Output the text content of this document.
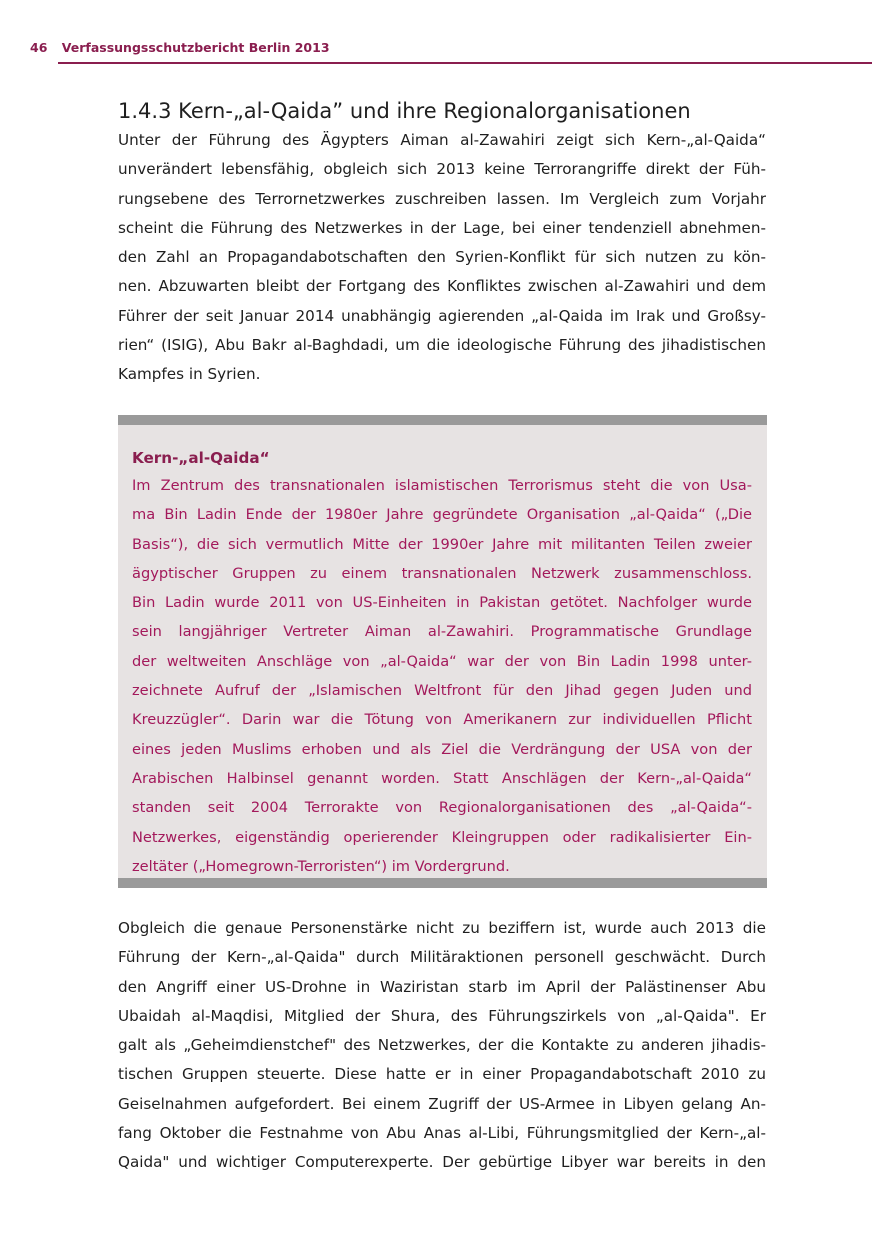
46 Verfassungsschutzbericht Berlin 2013
1.4.3 Kern-„al-Qaida” und ihre Regionalorganisationen
Unter der Führung des Ägypters Aiman al-Zawahiri zeigt sich Kern-„al-Qaida“
unverändert lebensfähig, obgleich sich 2013 keine Terrorangriffe direkt der Füh-
rungsebene des Terrornetzwerkes zuschreiben lassen. Im Vergleich zum Vorjahr
scheint die Führung des Netzwerkes in der Lage, bei einer tendenziell abnehmen-
den Zahl an Propagandabotschaften den Syrien-Konflikt für sich nutzen zu kön-
nen. Abzuwarten bleibt der Fortgang des Konfliktes zwischen al-Zawahiri und dem
Führer der seit Januar 2014 unabhängig agierenden „al-Qaida im Irak und Großsy-
rien“ (ISIG), Abu Bakr al-Baghdadi, um die ideologische Führung des jihadistischen
Kampfes in Syrien.
Kern-„al-Qaida“
Im Zentrum des transnationalen islamistischen Terrorismus steht die von Usa-
ma Bin Ladin Ende der 1980er Jahre gegründete Organisation „al-Qaida“ („Die
Basis“), die sich vermutlich Mitte der 1990er Jahre mit militanten Teilen zweier
ägyptischer Gruppen zu einem transnationalen Netzwerk zusammenschloss.
Bin Ladin wurde 2011 von US-Einheiten in Pakistan getötet. Nachfolger wurde
sein langjähriger Vertreter Aiman al-Zawahiri. Programmatische Grundlage
der weltweiten Anschläge von „al-Qaida“ war der von Bin Ladin 1998 unter-
zeichnete Aufruf der „Islamischen Weltfront für den Jihad gegen Juden und
Kreuzzügler“. Darin war die Tötung von Amerikanern zur individuellen Pflicht
eines jeden Muslims erhoben und als Ziel die Verdrängung der USA von der
Arabischen Halbinsel genannt worden. Statt Anschlägen der Kern-„al-Qaida“
standen seit 2004 Terrorakte von Regionalorganisationen des „al-Qaida“-
Netzwerkes, eigenständig operierender Kleingruppen oder radikalisierter Ein-
zeltäter („Homegrown-Terroristen“) im Vordergrund.
Obgleich die genaue Personenstärke nicht zu beziffern ist, wurde auch 2013 die
Führung der Kern-„al-Qaida" durch Militäraktionen personell geschwächt. Durch
den Angriff einer US-Drohne in Waziristan starb im April der Palästinenser Abu
Ubaidah al-Maqdisi, Mitglied der Shura, des Führungszirkels von „al-Qaida". Er
galt als „Geheimdienstchef" des Netzwerkes, der die Kontakte zu anderen jihadis-
tischen Gruppen steuerte. Diese hatte er in einer Propagandabotschaft 2010 zu
Geiselnahmen aufgefordert. Bei einem Zugriff der US-Armee in Libyen gelang An-
fang Oktober die Festnahme von Abu Anas al-Libi, Führungsmitglied der Kern-„al-
Qaida" und wichtiger Computerexperte. Der gebürtige Libyer war bereits in den
